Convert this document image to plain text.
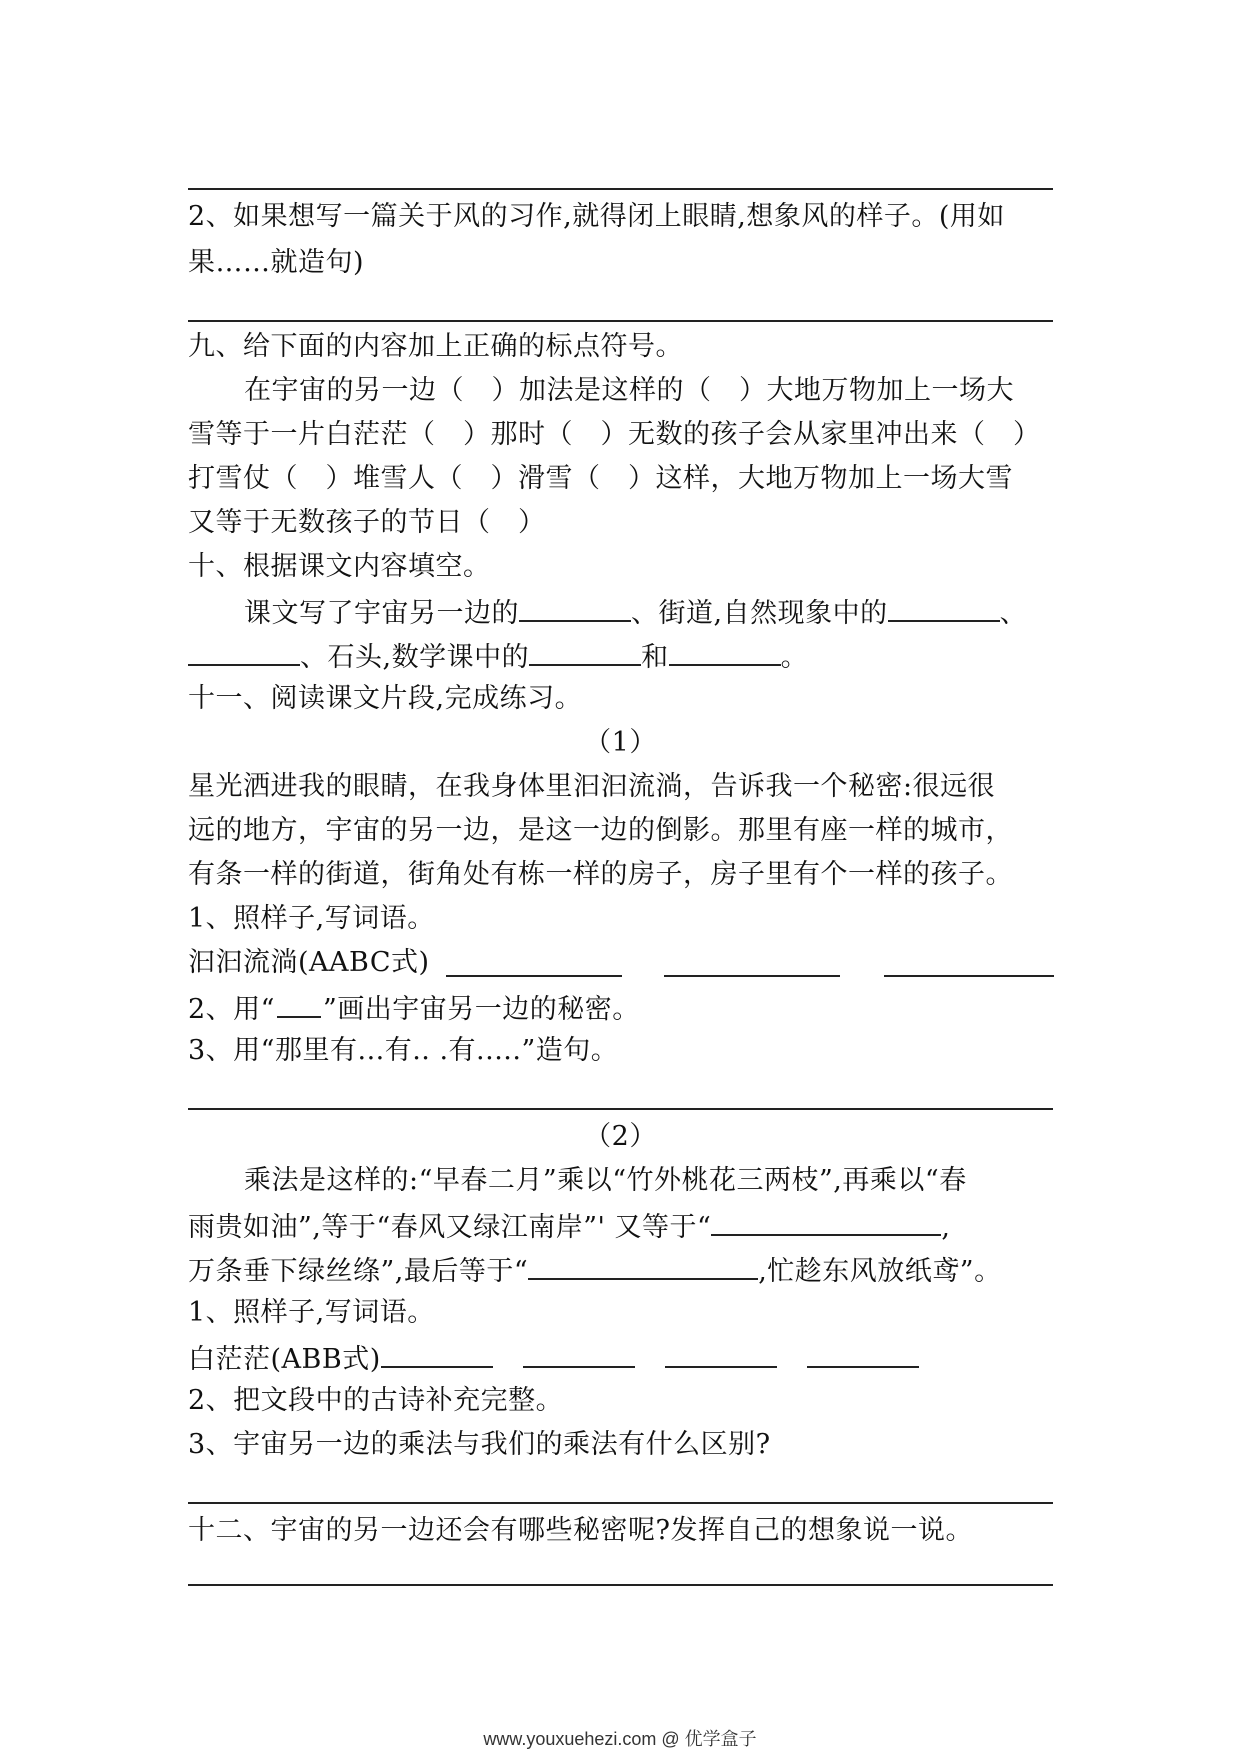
2、如果想写一篇关于风的习作,就得闭上眼睛,想象风的样子。(用如
果……就造句)
九、给下面的内容加上正确的标点符号。
在宇宙的另一边（　）加法是这样的（　）大地万物加上一场大
雪等于一片白茫茫（　）那时（　）无数的孩子会从家里冲出来（　）
打雪仗（　）堆雪人（　）滑雪（　）这样，大地万物加上一场大雪
又等于无数孩子的节日（　）
十、根据课文内容填空。
课文写了宇宙另一边的	、街道,自然现象中的	、
、石头,数学课中的	和	。
十一、阅读课文片段,完成练习。
（1）
星光洒进我的眼睛，在我身体里汩汩流淌，告诉我一个秘密:很远很
远的地方，宇宙的另一边，是这一边的倒影。那里有座一样的城市，
有条一样的街道，街角处有栋一样的房子，房子里有个一样的孩子。
1、照样子,写词语。
汩汩流淌(AABC式)
2、用“ ”画出宇宙另一边的秘密。
3、用“那里有...有.. .有.....”造句。
（2）
乘法是这样的:“早春二月”乘以“竹外桃花三两枝”,再乘以“春
雨贵如油”,等于“春风又绿江南岸”' 又等于“	,
万条垂下绿丝绦”,最后等于“	,忙趁东风放纸鸢”。
1、照样子,写词语。
白茫茫(ABB式)
2、把文段中的古诗补充完整。
3、宇宙另一边的乘法与我们的乘法有什么区别?
十二、宇宙的另一边还会有哪些秘密呢?发挥自己的想象说一说。
www.youxuehezi.com @ 优学盒子
